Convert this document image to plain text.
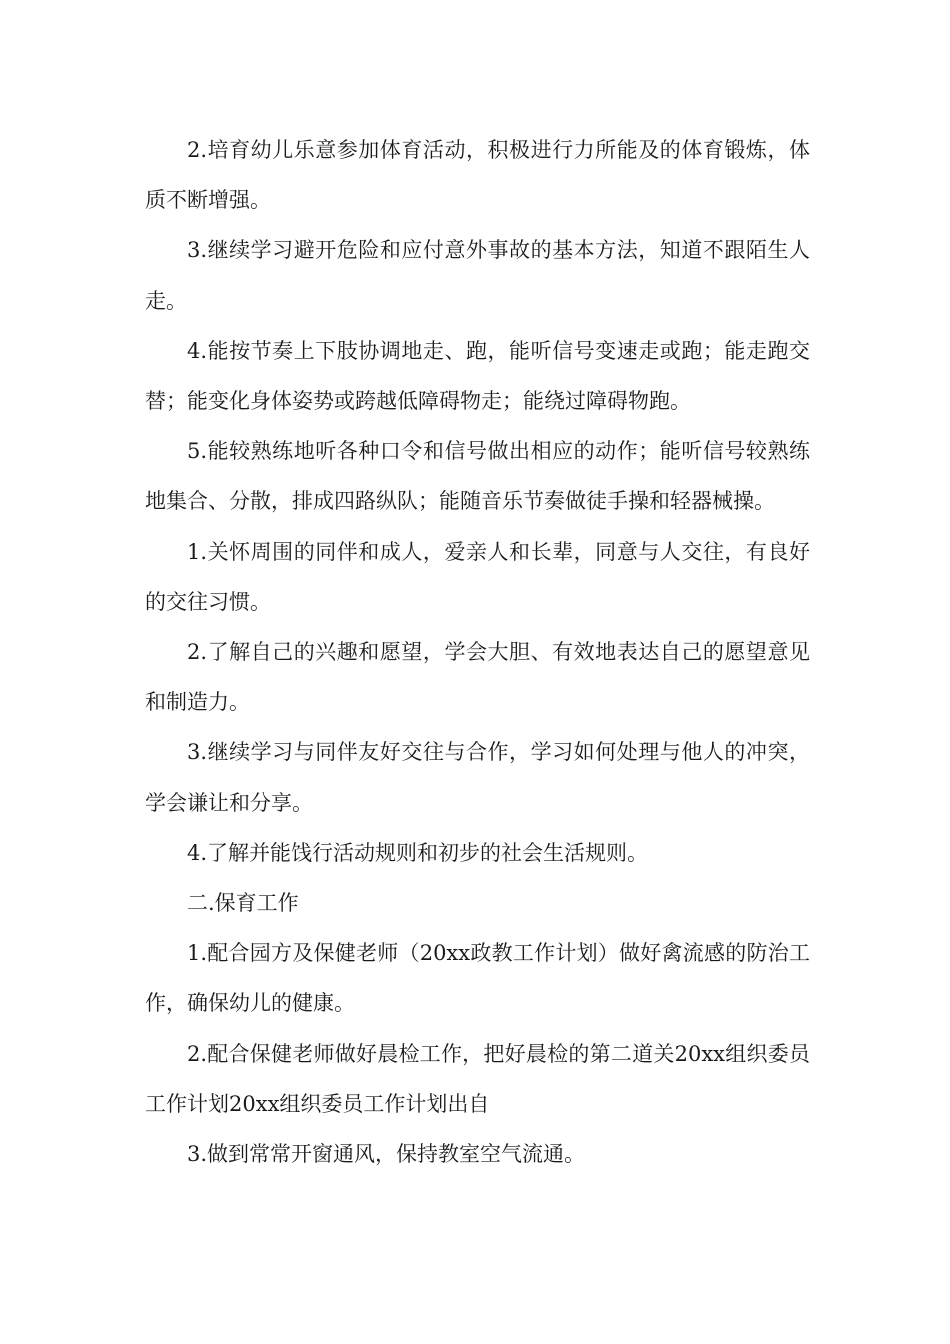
2.培育幼儿乐意参加体育活动，积极进行力所能及的体育锻炼，体质不断增强。

3.继续学习避开危险和应付意外事故的基本方法，知道不跟陌生人走。

4.能按节奏上下肢协调地走、跑，能听信号变速走或跑；能走跑交替；能变化身体姿势或跨越低障碍物走；能绕过障碍物跑。

5.能较熟练地听各种口令和信号做出相应的动作；能听信号较熟练地集合、分散，排成四路纵队；能随音乐节奏做徒手操和轻器械操。

1.关怀周围的同伴和成人，爱亲人和长辈，同意与人交往，有良好的交往习惯。

2.了解自己的兴趣和愿望，学会大胆、有效地表达自己的愿望意见和制造力。

3.继续学习与同伴友好交往与合作，学习如何处理与他人的冲突，学会谦让和分享。

4.了解并能饯行活动规则和初步的社会生活规则。

二.保育工作

1.配合园方及保健老师（20xx政教工作计划）做好禽流感的防治工作，确保幼儿的健康。

2.配合保健老师做好晨检工作，把好晨检的第二道关20xx组织委员工作计划20xx组织委员工作计划出自

3.做到常常开窗通风，保持教室空气流通。
